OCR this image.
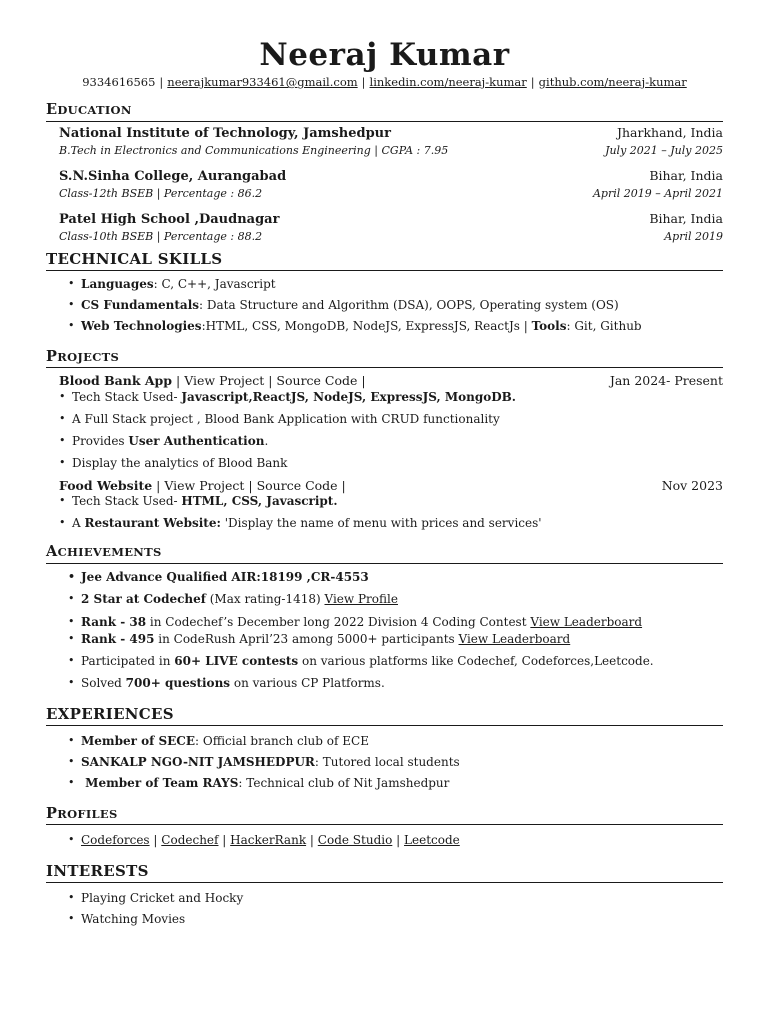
Neeraj Kumar
9334616565 | neerajkumar933461@gmail.com | linkedin.com/neeraj-kumar | github.com/neeraj-kumar
EDUCATION
National Institute of Technology, Jamshedpur	Jharkhand, India
B.Tech in Electronics and Communications Engineering | CGPA : 7.95	July 2021 – July 2025
S.N.Sinha College, Aurangabad	Bihar, India
Class-12th BSEB | Percentage : 86.2	April 2019 – April 2021
Patel High School ,Daudnagar	Bihar, India
Class-10th BSEB | Percentage : 88.2	April 2019
TECHNICAL SKILLS
• Languages: C, C++, Javascript
• CS Fundamentals: Data Structure and Algorithm (DSA), OOPS, Operating system (OS)
• Web Technologies:HTML, CSS, MongoDB, NodeJS, ExpressJS, ReactJs | Tools: Git, Github
PROJECTS
Blood Bank App | View Project | Source Code |	Jan 2024- Present
• Tech Stack Used- Javascript,ReactJS, NodeJS, ExpressJS, MongoDB.
• A Full Stack project , Blood Bank Application with CRUD functionality
• Provides User Authentication.
• Display the analytics of Blood Bank
Food Website | View Project | Source Code |	Nov 2023
• Tech Stack Used- HTML, CSS, Javascript.
• A Restaurant Website: 'Display the name of menu with prices and services'
ACHIEVEMENTS
• Jee Advance Qualified AIR:18199 ,CR-4553
• 2 Star at Codechef (Max rating-1418) View Profile
• Rank - 38 in Codechef’s December long 2022 Division 4 Coding Contest View Leaderboard
• Rank - 495 in CodeRush April’23 among 5000+ participants View Leaderboard
• Participated in 60+ LIVE contests on various platforms like Codechef, Codeforces,Leetcode.
• Solved 700+ questions on various CP Platforms.
EXPERIENCES
• Member of SECE: Official branch club of ECE
• SANKALP NGO-NIT JAMSHEDPUR: Tutored local students
•  Member of Team RAYS: Technical club of Nit Jamshedpur
PROFILES
• Codeforces | Codechef | HackerRank | Code Studio | Leetcode
INTERESTS
• Playing Cricket and Hocky
• Watching Movies
